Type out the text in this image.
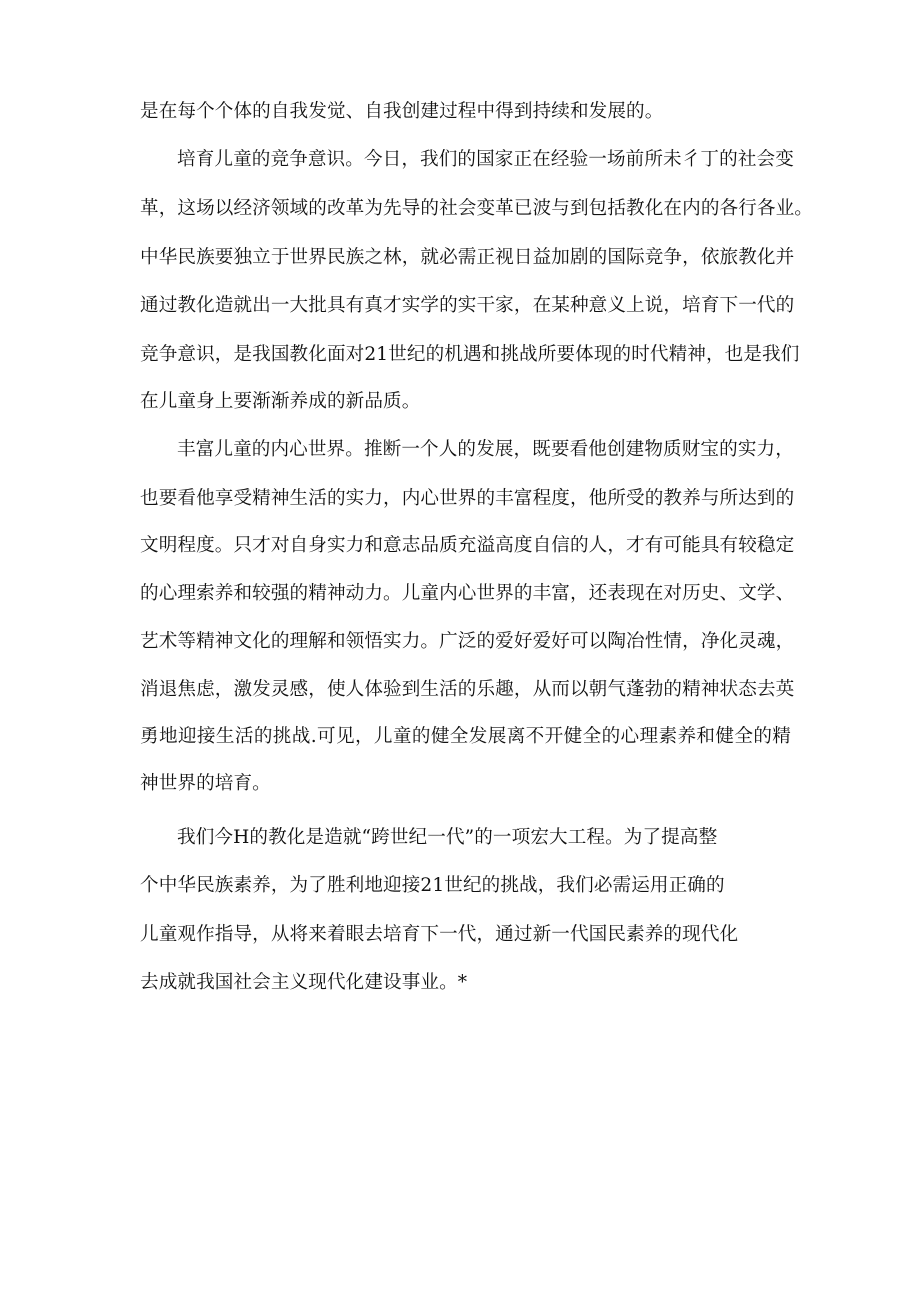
是在每个个体的自我发觉、自我创建过程中得到持续和发展的。
培育儿童的竞争意识。今日，我们的国家正在经验一场前所未彳丁的社会变
革，这场以经济领域的改革为先导的社会变革已波与到包括教化在内的各行各业。
中华民族要独立于世界民族之林，就必需正视日益加剧的国际竞争，依旅教化并
通过教化造就出一大批具有真才实学的实干家，在某种意义上说，培育下一代的
竞争意识，是我国教化面对21世纪的机遇和挑战所要体现的时代精神，也是我们
在儿童身上要渐渐养成的新品质。
丰富儿童的内心世界。推断一个人的发展，既要看他创建物质财宝的实力，
也要看他享受精神生活的实力，内心世界的丰富程度，他所受的教养与所达到的
文明程度。只才对自身实力和意志品质充溢高度自信的人，才有可能具有较稳定
的心理索养和较强的精神动力。儿童内心世界的丰富，还表现在对历史、文学、
艺术等精神文化的理解和领悟实力。广泛的爱好爱好可以陶冶性情，净化灵魂，
消退焦虑，激发灵感，使人体验到生活的乐趣，从而以朝气蓬勃的精神状态去英
勇地迎接生活的挑战.可见，儿童的健全发展离不开健全的心理素养和健全的精
神世界的培育。
我们今H的教化是造就“跨世纪一代”的一项宏大工程。为了提高整
个中华民族素养，为了胜利地迎接21世纪的挑战，我们必需运用正确的
儿童观作指导，从将来着眼去培育下一代，通过新一代国民素养的现代化
去成就我国社会主义现代化建设事业。*
